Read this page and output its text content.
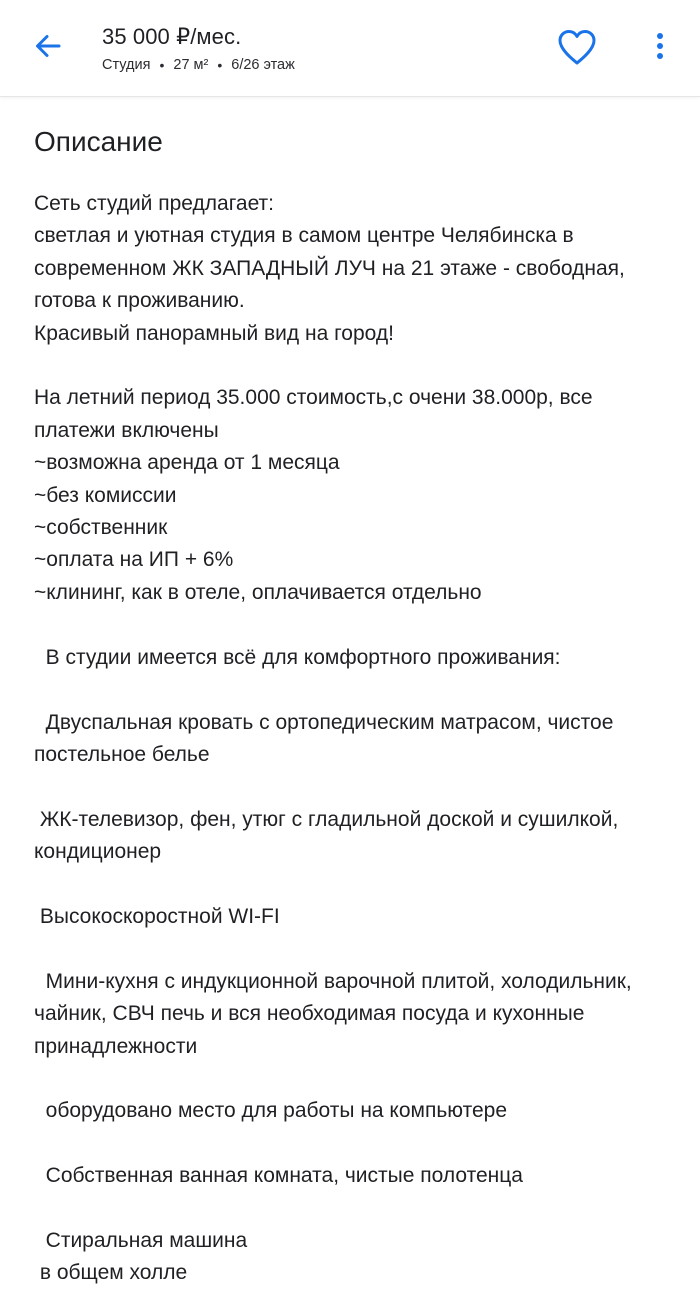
35 000 ₽/мес.
Студия • 27 м² • 6/26 этаж
Описание

Сеть студий предлагает:
светлая и уютная студия в самом центре Челябинска в современном ЖК ЗАПАДНЫЙ ЛУЧ на 21 этаже - свободная, готова к проживанию.
Красивый панорамный вид на город!

На летний период 35.000 стоимость,с очени 38.000р, все платежи включены
~возможна аренда от 1 месяца
~без комиссии
~собственник
~оплата на ИП + 6%
~клининг, как в отеле, оплачивается отдельно

В студии имеется всё для комфортного проживания:

Двуспальная кровать с ортопедическим матрасом, чистое постельное белье

ЖК-телевизор, фен, утюг с гладильной доской и сушилкой, кондиционер

Высокоскоростной WI-FI

Мини-кухня с индукционной варочной плитой, холодильник, чайник, СВЧ печь и вся необходимая посуда и кухонные принадлежности

оборудовано место для работы на компьютере

Собственная ванная комната, чистые полотенца

Стиральная машина
в общем холле
